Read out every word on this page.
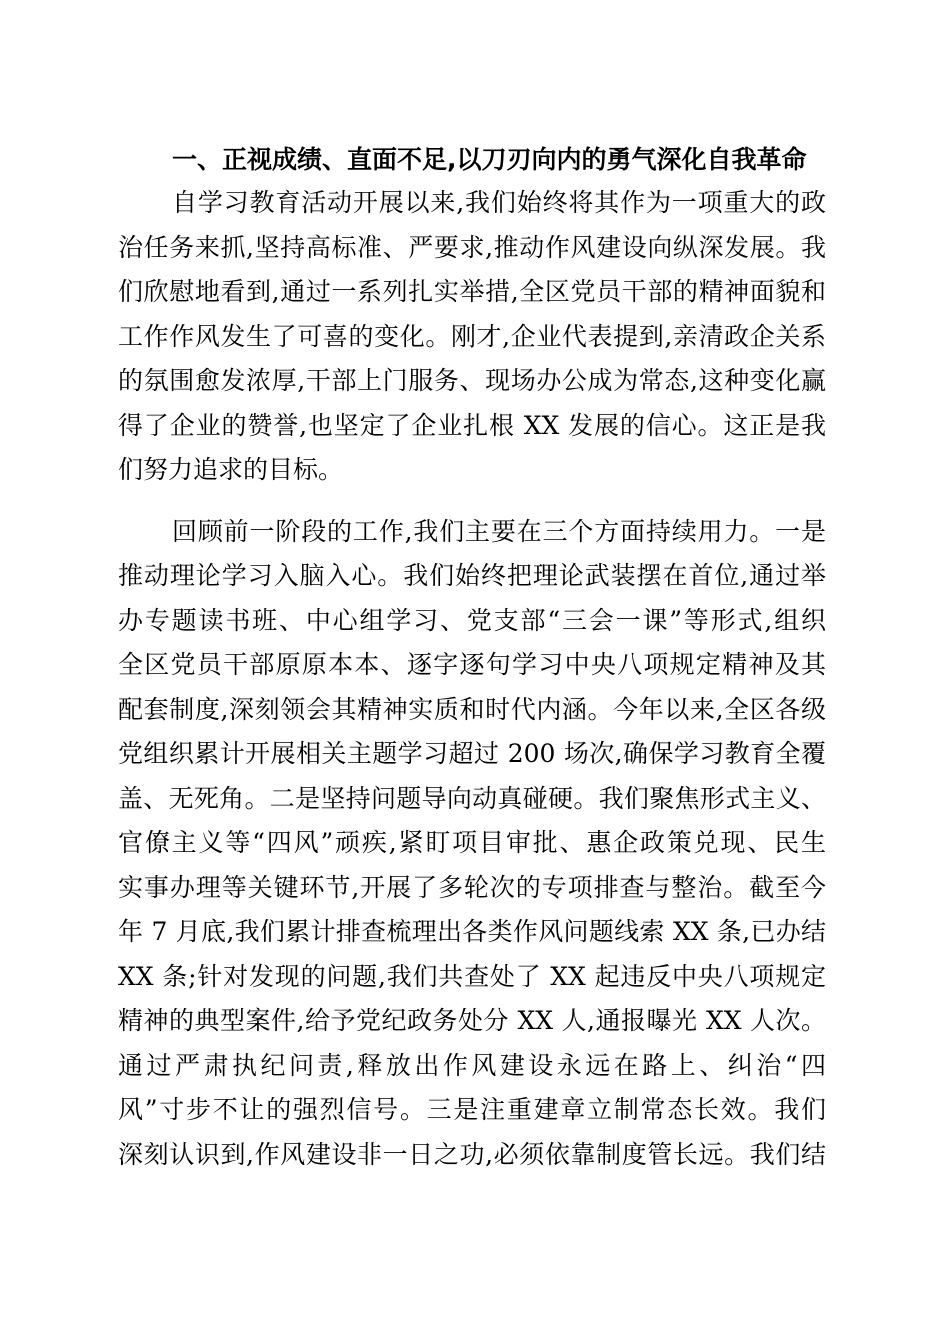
一、正视成绩、直面不足,以刀刃向内的勇气深化自我革命
自学习教育活动开展以来,我们始终将其作为一项重大的政
治任务来抓,坚持高标准、严要求,推动作风建设向纵深发展。我
们欣慰地看到,通过一系列扎实举措,全区党员干部的精神面貌和
工作作风发生了可喜的变化。刚才,企业代表提到,亲清政企关系
的氛围愈发浓厚,干部上门服务、现场办公成为常态,这种变化赢
得了企业的赞誉,也坚定了企业扎根 XX 发展的信心。这正是我
们努力追求的目标。
回顾前一阶段的工作,我们主要在三个方面持续用力。一是
推动理论学习入脑入心。我们始终把理论武装摆在首位,通过举
办专题读书班、中心组学习、党支部“三会一课”等形式,组织
全区党员干部原原本本、逐字逐句学习中央八项规定精神及其
配套制度,深刻领会其精神实质和时代内涵。今年以来,全区各级
党组织累计开展相关主题学习超过 200 场次,确保学习教育全覆
盖、无死角。二是坚持问题导向动真碰硬。我们聚焦形式主义、
官僚主义等“四风”顽疾,紧盯项目审批、惠企政策兑现、民生
实事办理等关键环节,开展了多轮次的专项排查与整治。截至今
年 7 月底,我们累计排查梳理出各类作风问题线索 XX 条,已办结
XX 条;针对发现的问题,我们共查处了 XX 起违反中央八项规定
精神的典型案件,给予党纪政务处分 XX 人,通报曝光 XX 人次。
通过严肃执纪问责,释放出作风建设永远在路上、纠治“四
风”寸步不让的强烈信号。三是注重建章立制常态长效。我们
深刻认识到,作风建设非一日之功,必须依靠制度管长远。我们结
